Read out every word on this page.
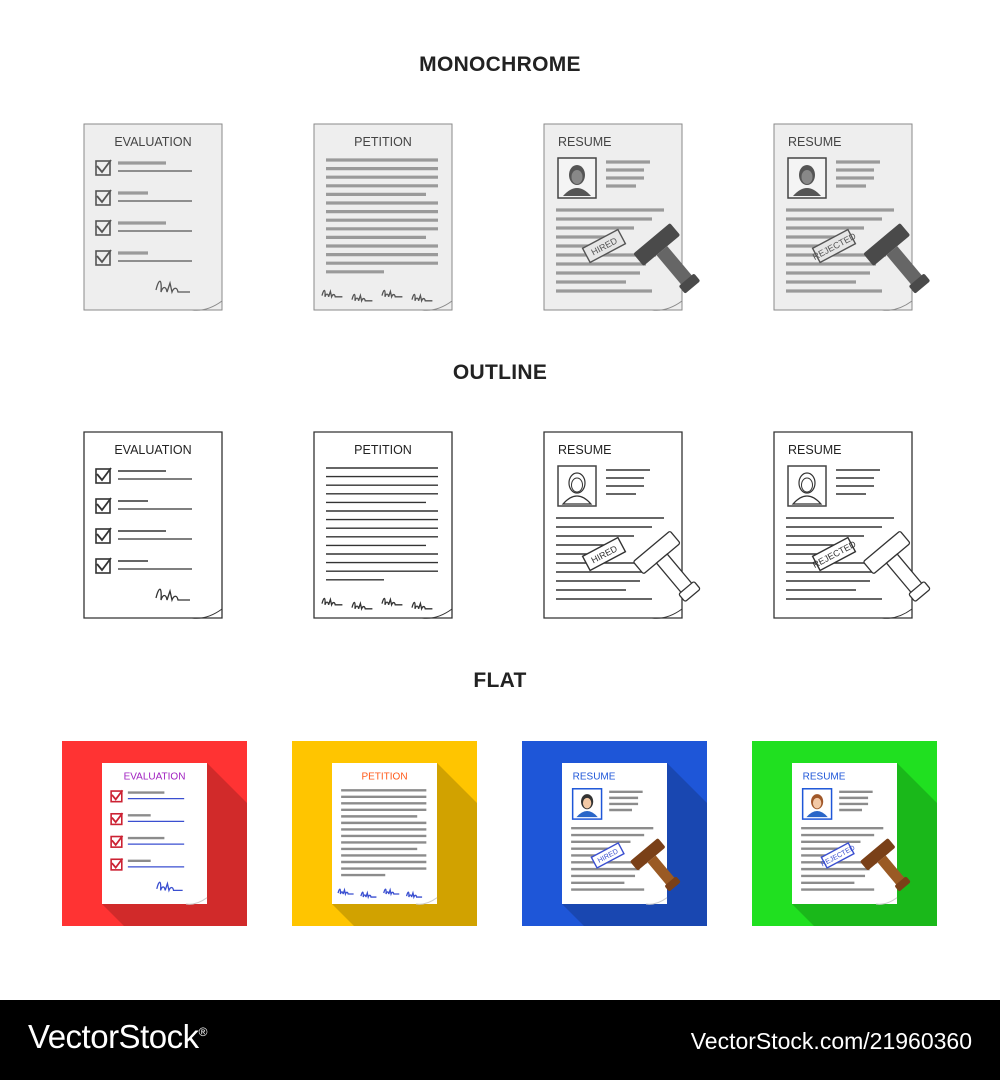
MONOCHROME
OUTLINE
FLAT
EVALUATION	PETITION	RESUME
HIRED
RESUME
REJECTED
EVALUATION	PETITION	RESUME
HIRED
RESUME
REJECTED
EVALUATION	PETITION	RESUME
HIRED
RESUME
REJECTED
VectorStock®	VectorStock.com/21960360
